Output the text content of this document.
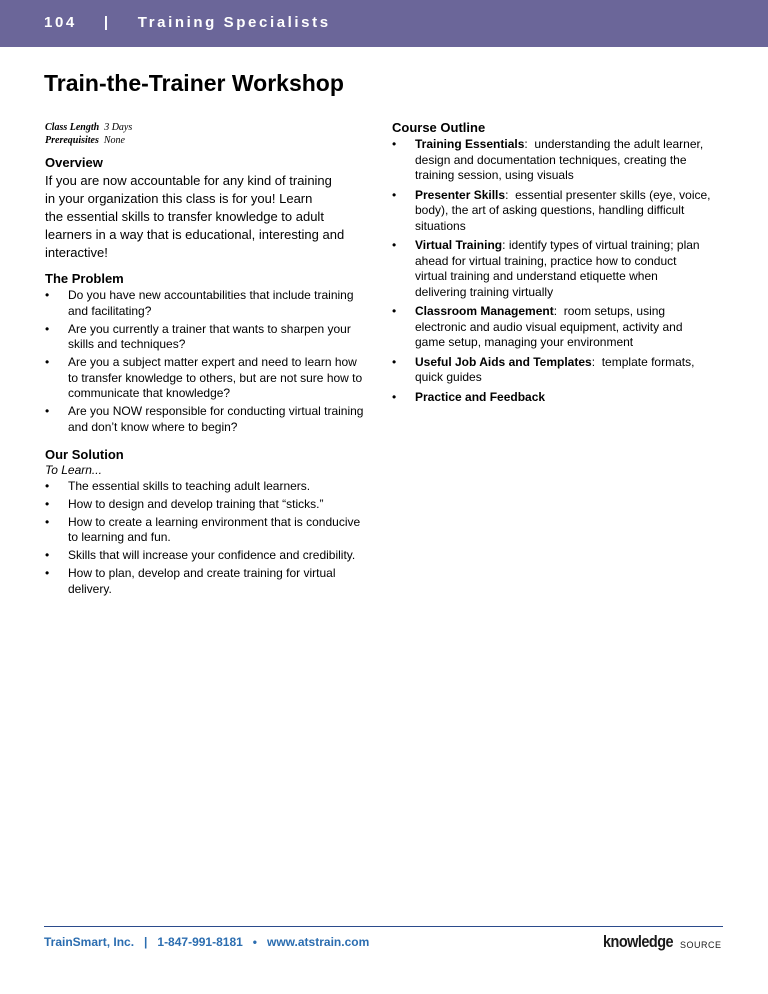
104 | Training Specialists
Train-the-Trainer Workshop
Class Length 3 Days
Prerequisites None
Overview
If you are now accountable for any kind of training
in your organization this class is for you! Learn
the essential skills to transfer knowledge to adult
learners in a way that is educational, interesting and
interactive!
The Problem
• Do you have new accountabilities that include training
and facilitating?
• Are you currently a trainer that wants to sharpen your
skills and techniques?
• Are you a subject matter expert and need to learn how
to transfer knowledge to others, but are not sure how to
communicate that knowledge?
• Are you NOW responsible for conducting virtual training
and don’t know where to begin?
Our Solution
To Learn...
• The essential skills to teaching adult learners.
• How to design and develop training that “sticks.”
• How to create a learning environment that is conducive
to learning and fun.
• Skills that will increase your confidence and credibility.
• How to plan, develop and create training for virtual
delivery.
Course Outline
• Training Essentials:  understanding the adult learner,
design and documentation techniques, creating the
training session, using visuals
• Presenter Skills:  essential presenter skills (eye, voice,
body), the art of asking questions, handling difficult
situations
• Virtual Training: identify types of virtual training; plan
ahead for virtual training, practice how to conduct
virtual training and understand etiquette when
delivering training virtually
• Classroom Management:  room setups, using
electronic and audio visual equipment, activity and
game setup, managing your environment
• Useful Job Aids and Templates:  template formats,
quick guides
• Practice and Feedback
TrainSmart, Inc.   |   1-847-991-8181   •   www.atstrain.com	knowledge SOURCE
